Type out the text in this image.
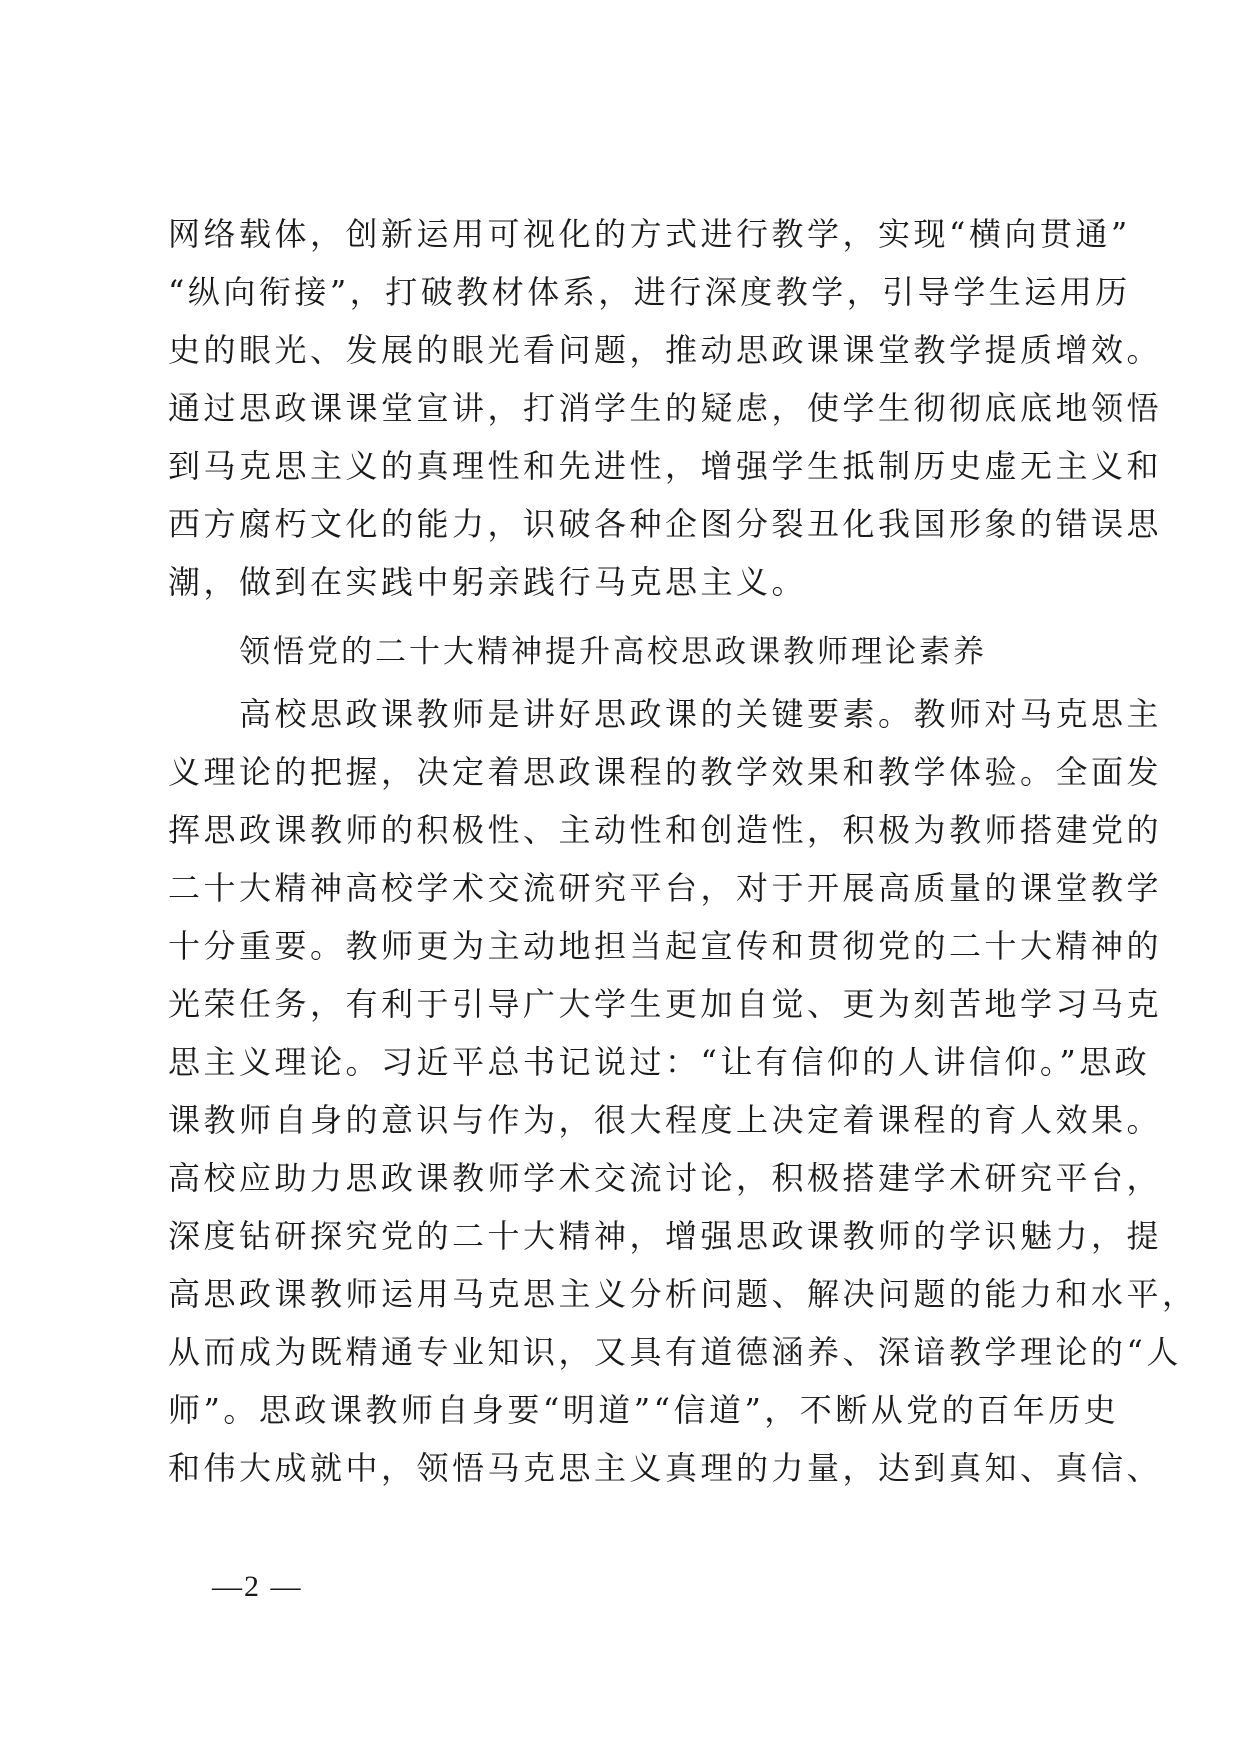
网络载体，创新运用可视化的方式进行教学，实现“横向贯通”
“纵向衔接”，打破教材体系，进行深度教学，引导学生运用历
史的眼光、发展的眼光看问题，推动思政课课堂教学提质增效。
通过思政课课堂宣讲，打消学生的疑虑，使学生彻彻底底地领悟
到马克思主义的真理性和先进性，增强学生抵制历史虚无主义和
西方腐朽文化的能力，识破各种企图分裂丑化我国形象的错误思
潮，做到在实践中躬亲践行马克思主义。
领悟党的二十大精神提升高校思政课教师理论素养
高校思政课教师是讲好思政课的关键要素。教师对马克思主
义理论的把握，决定着思政课程的教学效果和教学体验。全面发
挥思政课教师的积极性、主动性和创造性，积极为教师搭建党的
二十大精神高校学术交流研究平台，对于开展高质量的课堂教学
十分重要。教师更为主动地担当起宣传和贯彻党的二十大精神的
光荣任务，有利于引导广大学生更加自觉、更为刻苦地学习马克
思主义理论。习近平总书记说过：“让有信仰的人讲信仰。”思政
课教师自身的意识与作为，很大程度上决定着课程的育人效果。
高校应助力思政课教师学术交流讨论，积极搭建学术研究平台，
深度钻研探究党的二十大精神，增强思政课教师的学识魅力，提
高思政课教师运用马克思主义分析问题、解决问题的能力和水平，
从而成为既精通专业知识，又具有道德涵养、深谙教学理论的“人
师”。思政课教师自身要“明道”“信道”，不断从党的百年历史
和伟大成就中，领悟马克思主义真理的力量，达到真知、真信、
—2 —
